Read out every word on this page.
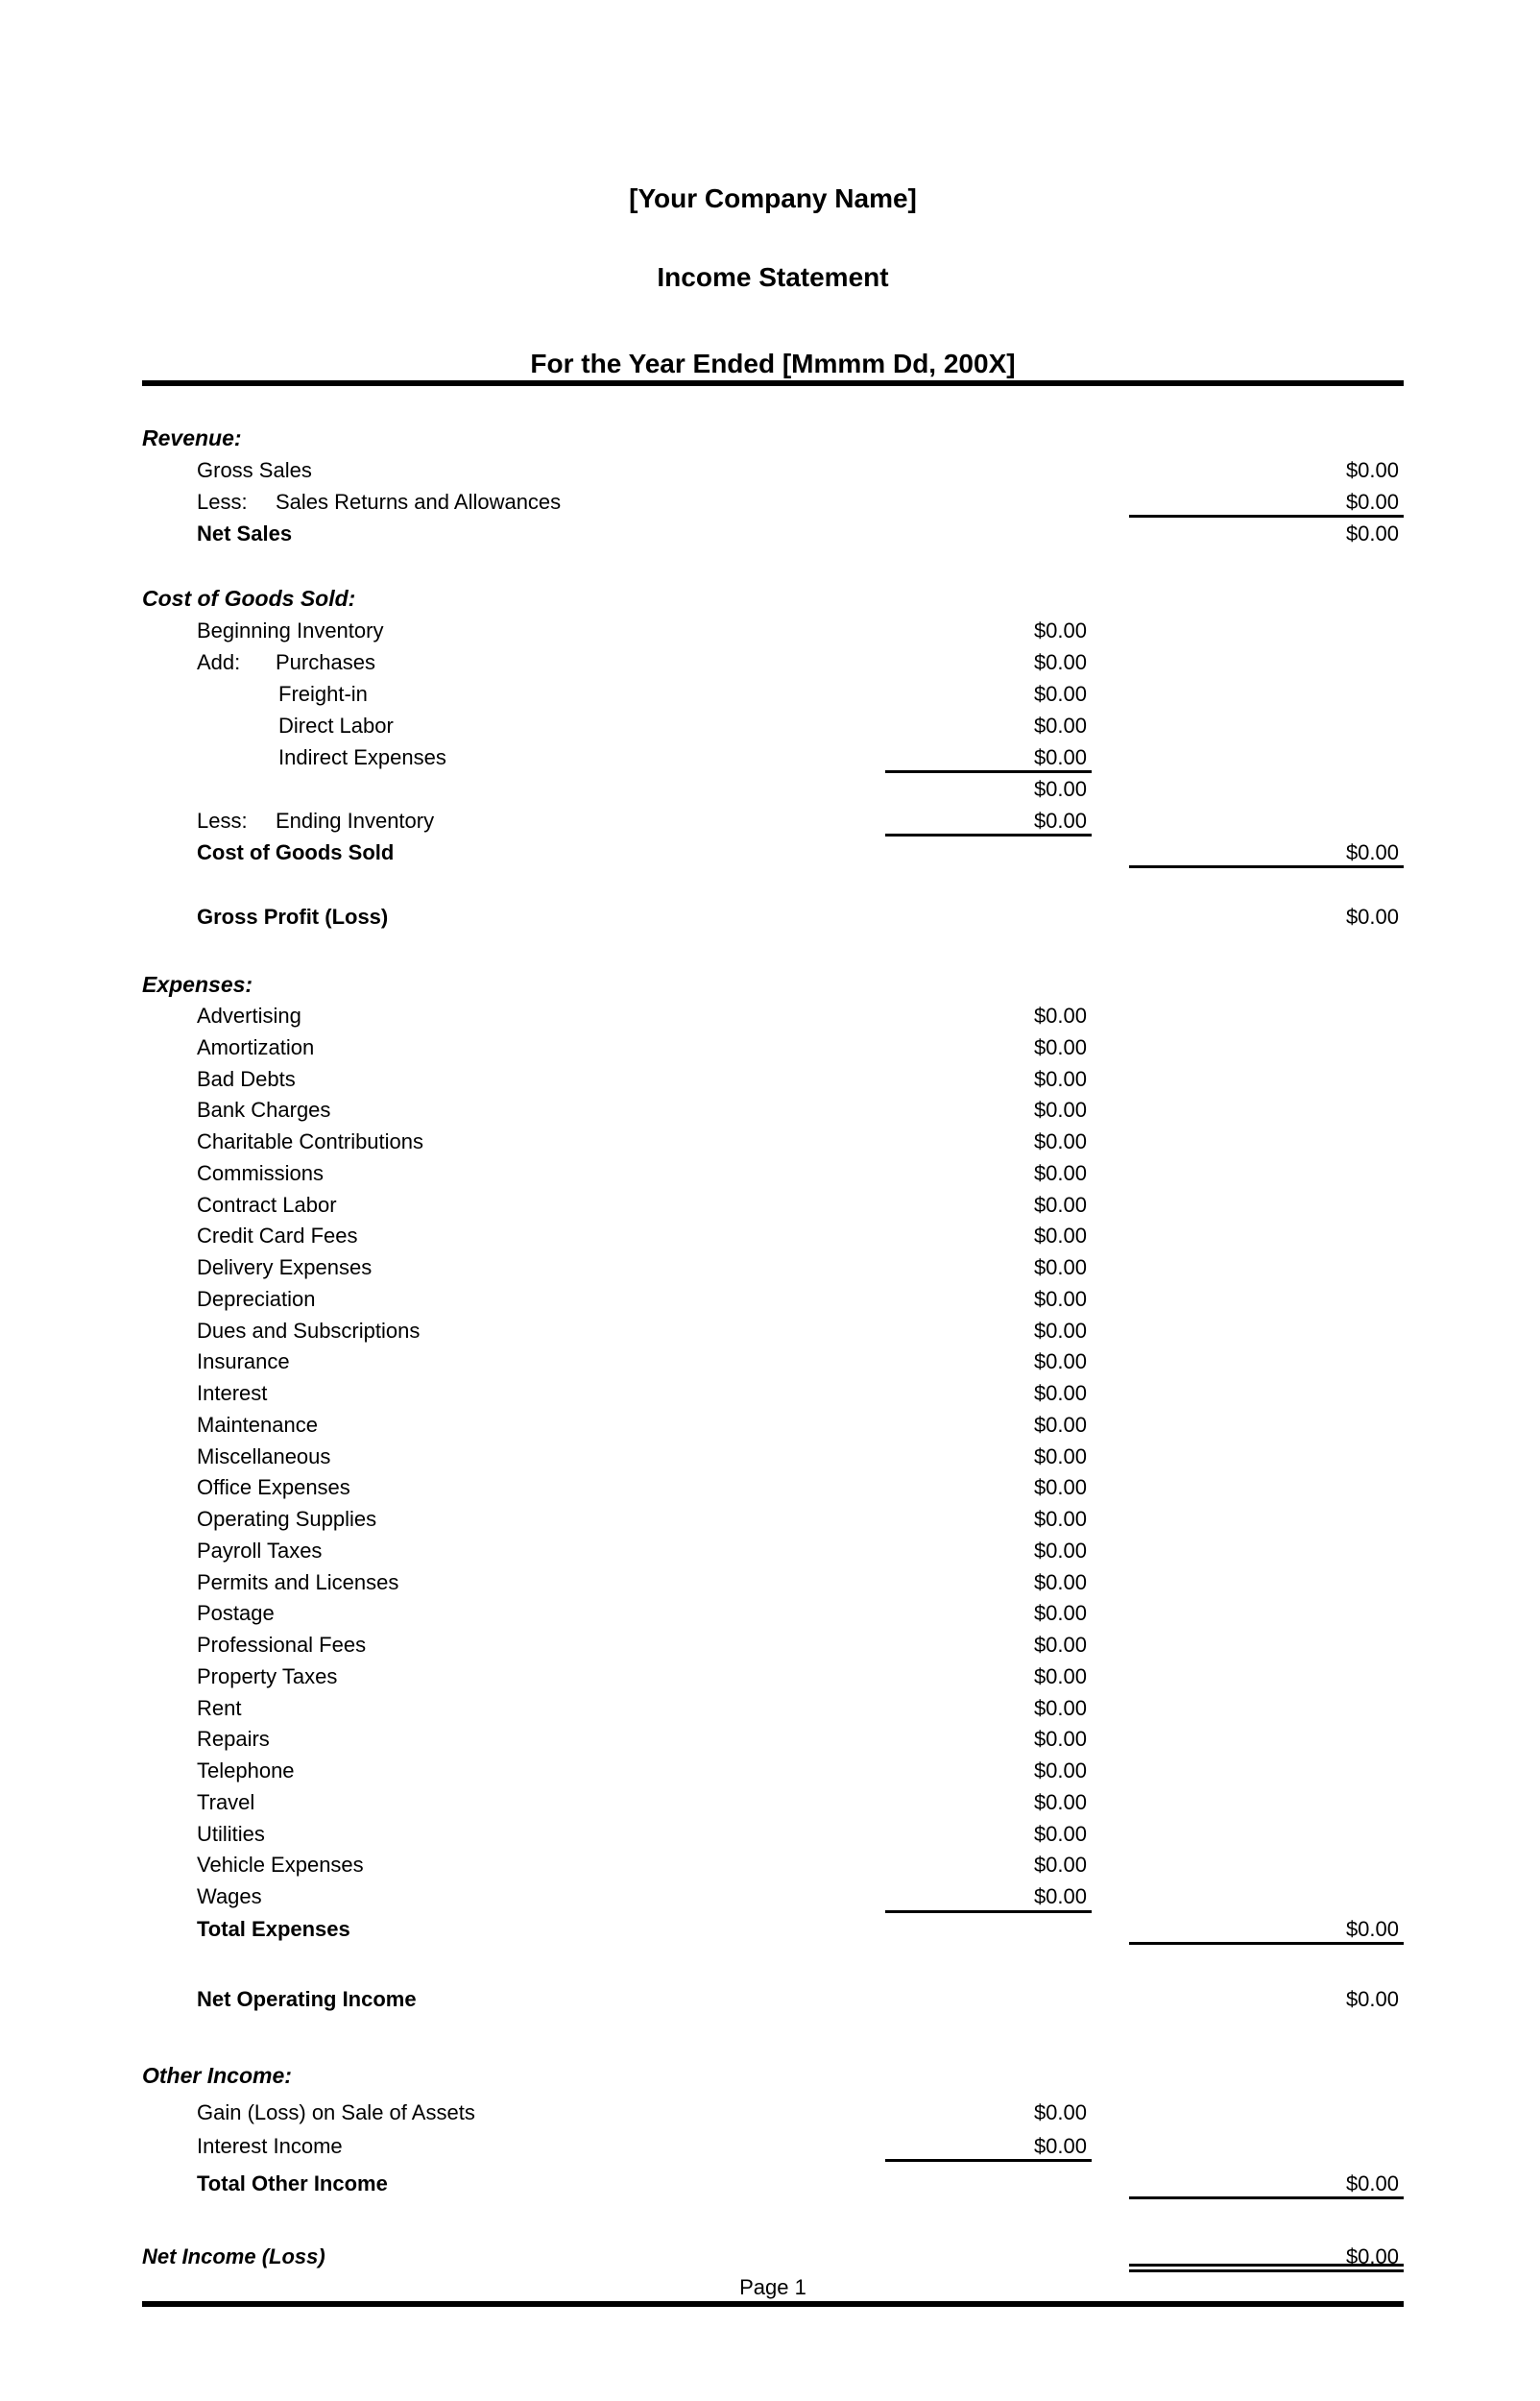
[Your Company Name]
Income Statement
For the Year Ended [Mmmm Dd, 200X]
Revenue:
Gross Sales	$0.00
Less: Sales Returns and Allowances	$0.00
Net Sales	$0.00
Cost of Goods Sold:
Beginning Inventory	$0.00
Add: Purchases	$0.00
Freight-in	$0.00
Direct Labor	$0.00
Indirect Expenses	$0.00
$0.00
Less: Ending Inventory	$0.00
Cost of Goods Sold	$0.00
Gross Profit (Loss)	$0.00
Expenses:
Advertising	$0.00
Amortization	$0.00
Bad Debts	$0.00
Bank Charges	$0.00
Charitable Contributions	$0.00
Commissions	$0.00
Contract Labor	$0.00
Credit Card Fees	$0.00
Delivery Expenses	$0.00
Depreciation	$0.00
Dues and Subscriptions	$0.00
Insurance	$0.00
Interest	$0.00
Maintenance	$0.00
Miscellaneous	$0.00
Office Expenses	$0.00
Operating Supplies	$0.00
Payroll Taxes	$0.00
Permits and Licenses	$0.00
Postage	$0.00
Professional Fees	$0.00
Property Taxes	$0.00
Rent	$0.00
Repairs	$0.00
Telephone	$0.00
Travel	$0.00
Utilities	$0.00
Vehicle Expenses	$0.00
Wages	$0.00
Total Expenses	$0.00
Net Operating Income	$0.00
Other Income:
Gain (Loss) on Sale of Assets	$0.00
Interest Income	$0.00
Total Other Income	$0.00
Net Income (Loss)	$0.00
Page 1
